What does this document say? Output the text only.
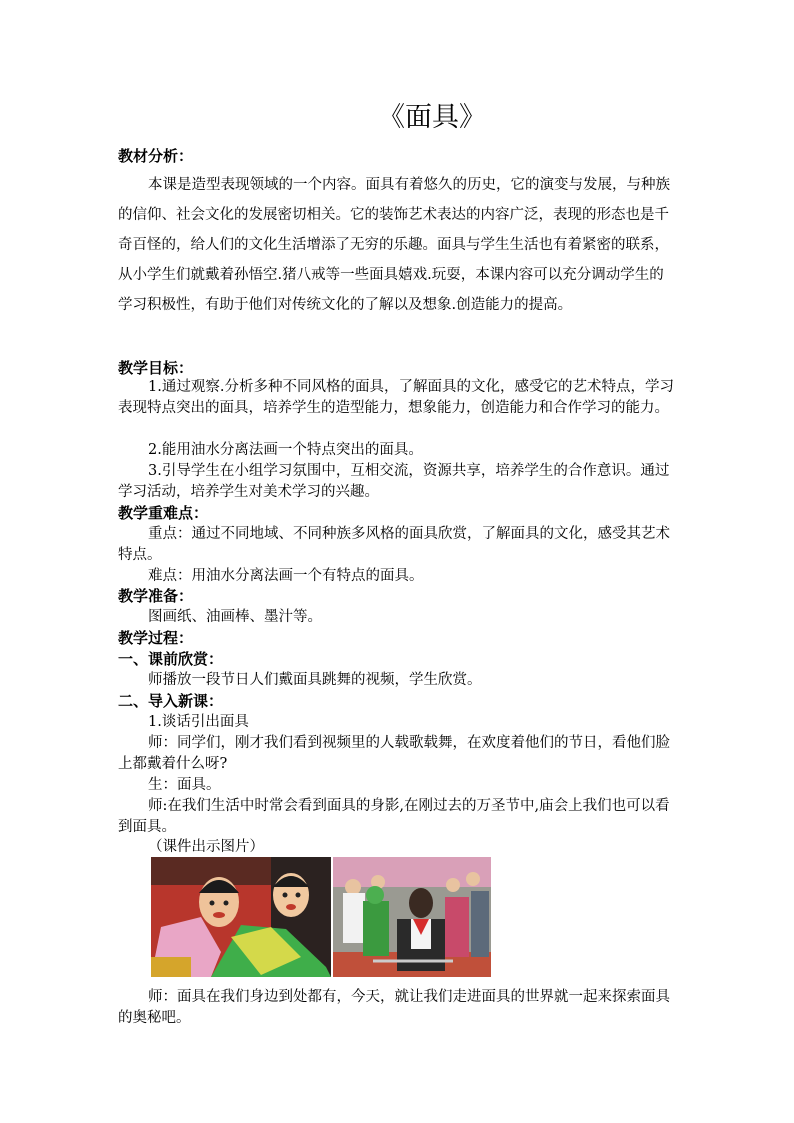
《面具》
教材分析：

本课是造型表现领域的一个内容。面具有着悠久的历史，它的演变与发展，与种族的信仰、社会文化的发展密切相关。它的装饰艺术表达的内容广泛，表现的形态也是千奇百怪的，给人们的文化生活增添了无穷的乐趣。面具与学生生活也有着紧密的联系，从小学生们就戴着孙悟空.猪八戒等一些面具嬉戏.玩耍，本课内容可以充分调动学生的学习积极性，有助于他们对传统文化的了解以及想象.创造能力的提高。

教学目标：

1.通过观察.分析多种不同风格的面具，了解面具的文化，感受它的艺术特点，学习表现特点突出的面具，培养学生的造型能力，想象能力，创造能力和合作学习的能力。

2.能用油水分离法画一个特点突出的面具。

3.引导学生在小组学习氛围中，互相交流，资源共享，培养学生的合作意识。通过学习活动，培养学生对美术学习的兴趣。

教学重难点：

重点：通过不同地域、不同种族多风格的面具欣赏，了解面具的文化，感受其艺术特点。

难点：用油水分离法画一个有特点的面具。

教学准备：

图画纸、油画棒、墨汁等。

教学过程：
一、课前欣赏：

师播放一段节日人们戴面具跳舞的视频，学生欣赏。

二、导入新课：

1.谈话引出面具

师：同学们，刚才我们看到视频里的人载歌载舞，在欢度着他们的节日，看他们脸上都戴着什么呀?

生：面具。

师:在我们生活中时常会看到面具的身影,在刚过去的万圣节中,庙会上我们也可以看到面具。

（课件出示图片）

师：面具在我们身边到处都有，今天，就让我们走进面具的世界就一起来探索面具的奥秘吧。
